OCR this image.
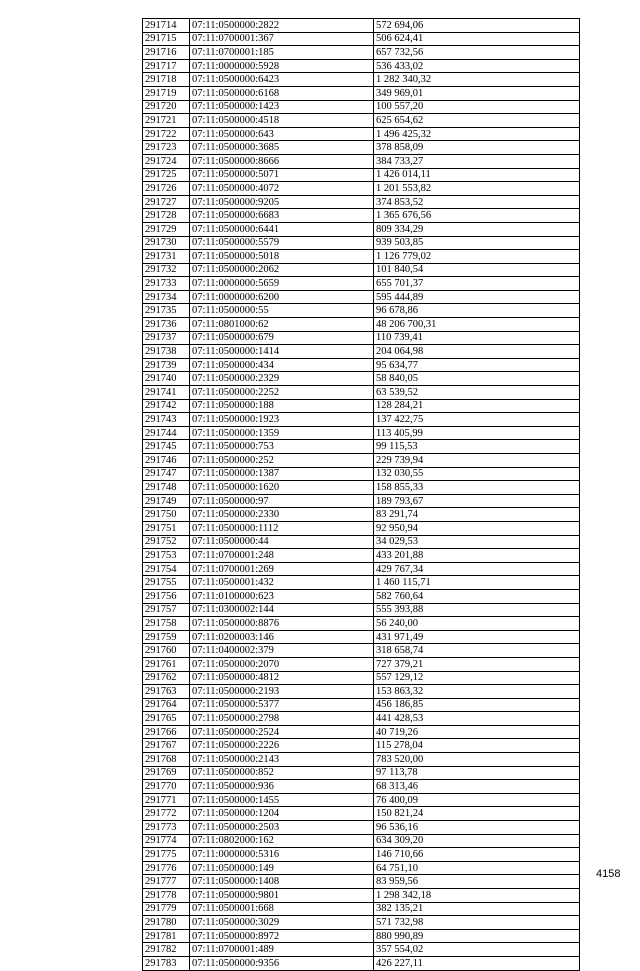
291714	07:11:0500000:2822	572 694,06
291715	07:11:0700001:367	506 624,41
291716	07:11:0700001:185	657 732,56
291717	07:11:0000000:5928	536 433,02
291718	07:11:0500000:6423	1 282 340,32
291719	07:11:0500000:6168	349 969,01
291720	07:11:0500000:1423	100 557,20
291721	07:11:0500000:4518	625 654,62
291722	07:11:0500000:643	1 496 425,32
291723	07:11:0500000:3685	378 858,09
291724	07:11:0500000:8666	384 733,27
291725	07:11:0500000:5071	1 426 014,11
291726	07:11:0500000:4072	1 201 553,82
291727	07:11:0500000:9205	374 853,52
291728	07:11:0500000:6683	1 365 676,56
291729	07:11:0500000:6441	809 334,29
291730	07:11:0500000:5579	939 503,85
291731	07:11:0500000:5018	1 126 779,02
291732	07:11:0500000:2062	101 840,54
291733	07:11:0000000:5659	655 701,37
291734	07:11:0000000:6200	595 444,89
291735	07:11:0500000:55	96 678,86
291736	07:11:0801000:62	48 206 700,31
291737	07:11:0500000:679	110 739,41
291738	07:11:0500000:1414	204 064,98
291739	07:11:0500000:434	95 634,77
291740	07:11:0500000:2329	58 840,05
291741	07:11:0500000:2252	63 539,52
291742	07:11:0500000:188	128 284,21
291743	07:11:0500000:1923	137 422,75
291744	07:11:0500000:1359	113 405,99
291745	07:11:0500000:753	99 115,53
291746	07:11:0500000:252	229 739,94
291747	07:11:0500000:1387	132 030,55
291748	07:11:0500000:1620	158 855,33
291749	07:11:0500000:97	189 793,67
291750	07:11:0500000:2330	83 291,74
291751	07:11:0500000:1112	92 950,94
291752	07:11:0500000:44	34 029,53
291753	07:11:0700001:248	433 201,88
291754	07:11:0700001:269	429 767,34
291755	07:11:0500001:432	1 460 115,71
291756	07:11:0100000:623	582 760,64
291757	07:11:0300002:144	555 393,88
291758	07:11:0500000:8876	56 240,00
291759	07:11:0200003:146	431 971,49
291760	07:11:0400002:379	318 658,74
291761	07:11:0500000:2070	727 379,21
291762	07:11:0500000:4812	557 129,12
291763	07:11:0500000:2193	153 863,32
291764	07:11:0500000:5377	456 186,85
291765	07:11:0500000:2798	441 428,53
291766	07:11:0500000:2524	40 719,26
291767	07:11:0500000:2226	115 278,04
291768	07:11:0500000:2143	783 520,00
291769	07:11:0500000:852	97 113,78
291770	07:11:0500000:936	68 313,46
291771	07:11:0500000:1455	76 400,09
291772	07:11:0500000:1204	150 821,24
291773	07:11:0500000:2503	96 536,16
291774	07:11:0802000:162	634 309,20
291775	07:11:0000000:5316	146 710,66
291776	07:11:0500000:149	64 751,10
291777	07:11:0500000:1408	83 959,56
291778	07:11:0500000:9801	1 298 342,18
291779	07:11:0500001:668	382 135,21
291780	07:11:0500000:3029	571 732,98
291781	07:11:0500000:8972	880 990,89
291782	07:11:0700001:489	357 554,02
291783	07:11:0500000:9356	426 227,11
4158
